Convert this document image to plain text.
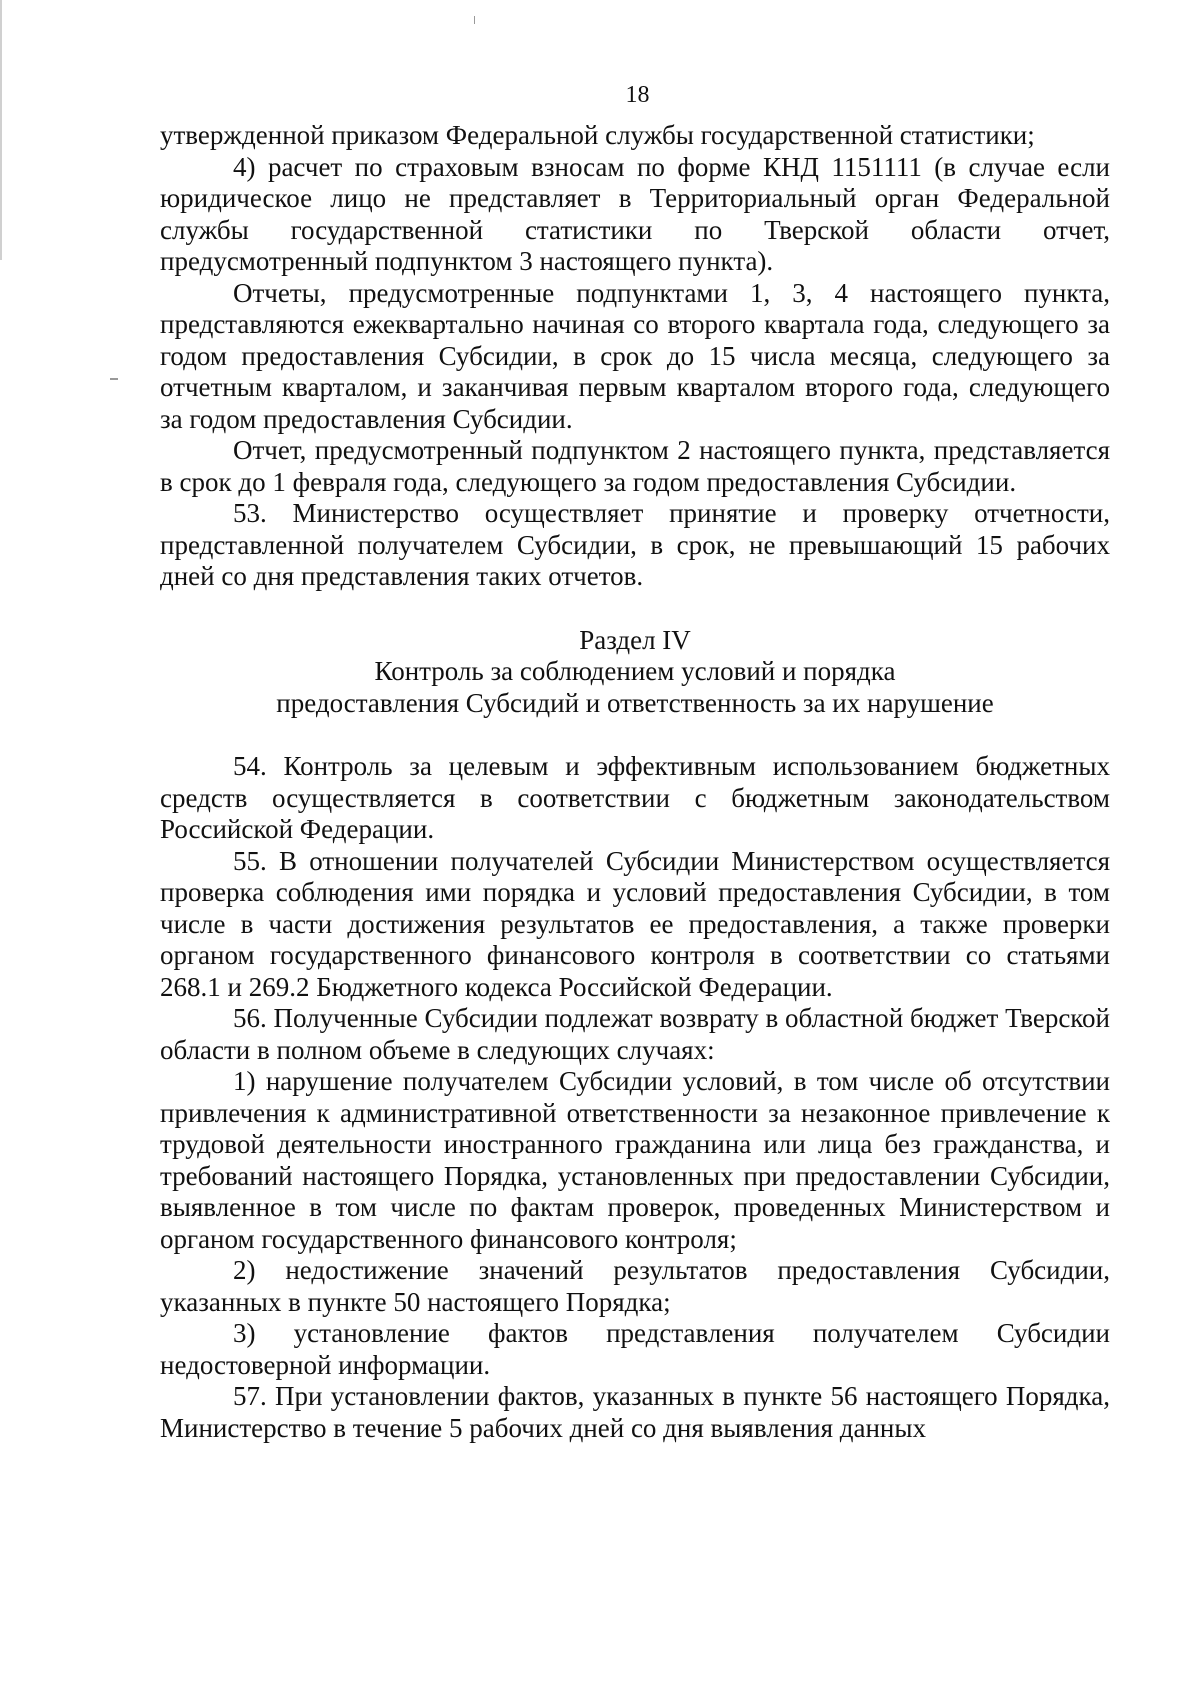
18

утвержденной приказом Федеральной службы государственной статистики;

4) расчет по страховым взносам по форме КНД 1151111 (в случае если юридическое лицо не представляет в Территориальный орган Федеральной службы государственной статистики по Тверской области отчет, предусмотренный подпунктом 3 настоящего пункта).

Отчеты, предусмотренные подпунктами 1, 3, 4 настоящего пункта, представляются ежеквартально начиная со второго квартала года, следующего за годом предоставления Субсидии, в срок до 15 числа месяца, следующего за отчетным кварталом, и заканчивая первым кварталом второго года, следующего за годом предоставления Субсидии.

Отчет, предусмотренный подпунктом 2 настоящего пункта, представляется в срок до 1 февраля года, следующего за годом предоставления Субсидии.

53. Министерство осуществляет принятие и проверку отчетности, представленной получателем Субсидии, в срок, не превышающий 15 рабочих дней со дня представления таких отчетов.

Раздел IV

Контроль за соблюдением условий и порядка

предоставления Субсидий и ответственность за их нарушение

54. Контроль за целевым и эффективным использованием бюджетных средств осуществляется в соответствии с бюджетным законодательством Российской Федерации.

55. В отношении получателей Субсидии Министерством осуществляется проверка соблюдения ими порядка и условий предоставления Субсидии, в том числе в части достижения результатов ее предоставления, а также проверки органом государственного финансового контроля в соответствии со статьями 268.1 и 269.2 Бюджетного кодекса Российской Федерации.

56. Полученные Субсидии подлежат возврату в областной бюджет Тверской области в полном объеме в следующих случаях:

1) нарушение получателем Субсидии условий, в том числе об отсутствии привлечения к административной ответственности за незаконное привлечение к трудовой деятельности иностранного гражданина или лица без гражданства, и требований настоящего Порядка, установленных при предоставлении Субсидии, выявленное в том числе по фактам проверок, проведенных Министерством и органом государственного финансового контроля;

2) недостижение значений результатов предоставления Субсидии, указанных в пункте 50 настоящего Порядка;

3) установление фактов представления получателем Субсидии недостоверной информации.

57. При установлении фактов, указанных в пункте 56 настоящего Порядка, Министерство в течение 5 рабочих дней со дня выявления данных
